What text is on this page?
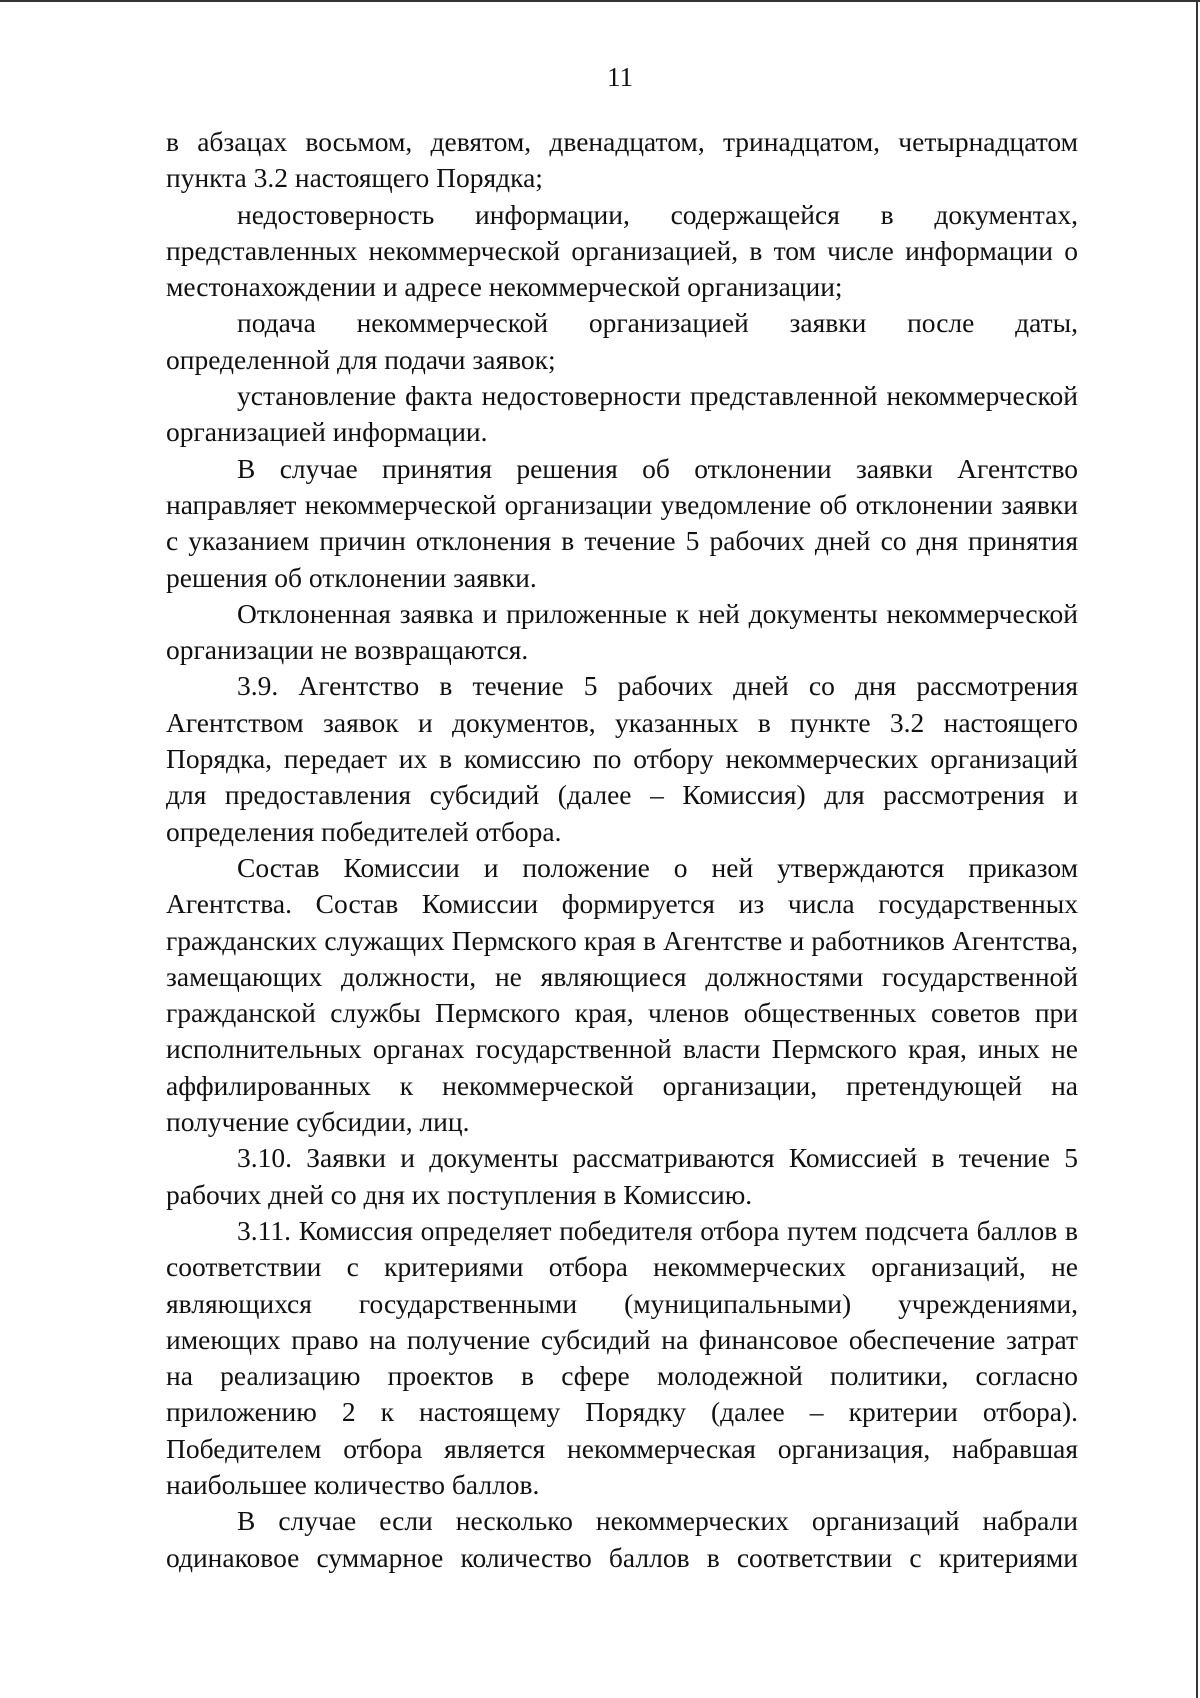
11

в абзацах восьмом, девятом, двенадцатом, тринадцатом, четырнадцатом пункта 3.2 настоящего Порядка;

недостоверность информации, содержащейся в документах, представленных некоммерческой организацией, в том числе информации о местонахождении и адресе некоммерческой организации;

подача некоммерческой организацией заявки после даты, определенной для подачи заявок;

установление факта недостоверности представленной некоммерческой организацией информации.

В случае принятия решения об отклонении заявки Агентство направляет некоммерческой организации уведомление об отклонении заявки с указанием причин отклонения в течение 5 рабочих дней со дня принятия решения об отклонении заявки.

Отклоненная заявка и приложенные к ней документы некоммерческой организации не возвращаются.

3.9. Агентство в течение 5 рабочих дней со дня рассмотрения Агентством заявок и документов, указанных в пункте 3.2 настоящего Порядка, передает их в комиссию по отбору некоммерческих организаций для предоставления субсидий (далее – Комиссия) для рассмотрения и определения победителей отбора.

Состав Комиссии и положение о ней утверждаются приказом Агентства. Состав Комиссии формируется из числа государственных гражданских служащих Пермского края в Агентстве и работников Агентства, замещающих должности, не являющиеся должностями государственной гражданской службы Пермского края, членов общественных советов при исполнительных органах государственной власти Пермского края, иных не аффилированных к некоммерческой организации, претендующей на получение субсидии, лиц.

3.10. Заявки и документы рассматриваются Комиссией в течение 5 рабочих дней со дня их поступления в Комиссию.

3.11. Комиссия определяет победителя отбора путем подсчета баллов в соответствии с критериями отбора некоммерческих организаций, не являющихся государственными (муниципальными) учреждениями, имеющих право на получение субсидий на финансовое обеспечение затрат на реализацию проектов в сфере молодежной политики, согласно приложению 2 к настоящему Порядку (далее – критерии отбора). Победителем отбора является некоммерческая организация, набравшая наибольшее количество баллов.

В случае если несколько некоммерческих организаций набрали одинаковое суммарное количество баллов в соответствии с критериями
